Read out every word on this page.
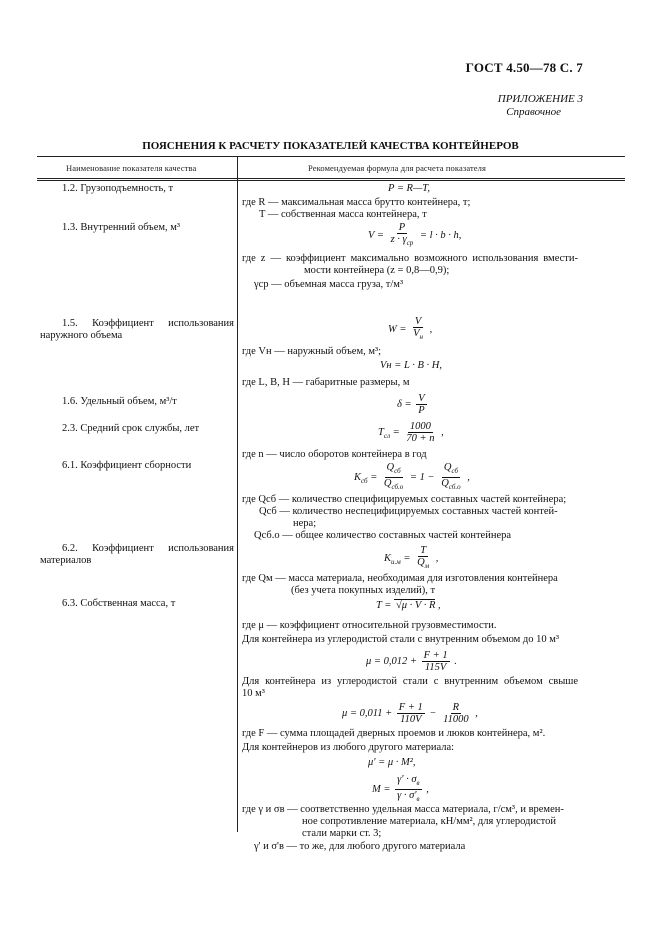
ГОСТ 4.50—78 С. 7
ПРИЛОЖЕНИЕ 3
Справочное
ПОЯСНЕНИЯ К РАСЧЕТУ ПОКАЗАТЕЛЕЙ КАЧЕСТВА КОНТЕЙНЕРОВ
Наименование показателя качества	Рекомендуемая формула для расчета показателя
1.2. Грузоподъемность, т
1.3. Внутренний объем, м³
1.5. Коэффициент использования
наружного объема
1.6. Удельный объем, м³/т
2.3. Средний срок службы, лет
6.1. Коэффициент сборности
6.2. Коэффициент использования
материалов
6.3. Собственная масса, т
P = R—T,
где R — максимальная масса брутто контейнера, т;
T — собственная масса контейнера, т
$V = \frac{P}{z \cdot \gamma_{ср}} = l \cdot b \cdot h$,
где z — коэффициент максимально возможного использования вмести-
мости контейнера (z = 0,8—0,9);
γср — объемная масса груза, т/м³
$W = \frac{V}{V_н}$ ,
где Vн — наружный объем, м³;
Vн = L · B · H,
где L, B, H — габаритные размеры, м
$\delta = \frac{V}{P}$
$T_{сл} = \frac{1000}{70 + n}$ ,
где n — число оборотов контейнера в год
$K_{сб} = \frac{Q_{сб}}{Q_{сб.о}} = 1 - \frac{Q_{сб}}{Q_{сб.о}}$ ,
где Qсб — количество специфицируемых составных частей контейнера;
Qсб — количество неспецифицируемых составных частей контей-
нера;
Qсб.о — общее количество составных частей контейнера
$K_{и.м} = \frac{T}{Q_м}$ ,
где Qм — масса материала, необходимая для изготовления контейнера
(без учета покупных изделий), т
T = √μ · V · R ,
где μ — коэффициент относительной грузовместимости.
Для контейнера из углеродистой стали с внутренним объемом до 10 м³
$\mu = 0,012 + \frac{F + 1}{115V}$ .
Для контейнера из углеродистой стали с внутренним объемом свыше
10 м³
$\mu = 0,011 + \frac{F + 1}{110V} - \frac{R}{11000}$ ,
где F — сумма площадей дверных проемов и люков контейнера, м².
Для контейнеров из любого другого материала:
μ' = μ · M²,
$M = \frac{\gamma' \cdot \sigma_в}{\gamma \cdot \sigma'_в}$ ,
где γ и σв — соответственно удельная масса материала, г/см³, и времен-
ное сопротивление материала, кН/мм², для углеродистой
стали марки ст. 3;
γ' и σ'в — то же, для любого другого материала
